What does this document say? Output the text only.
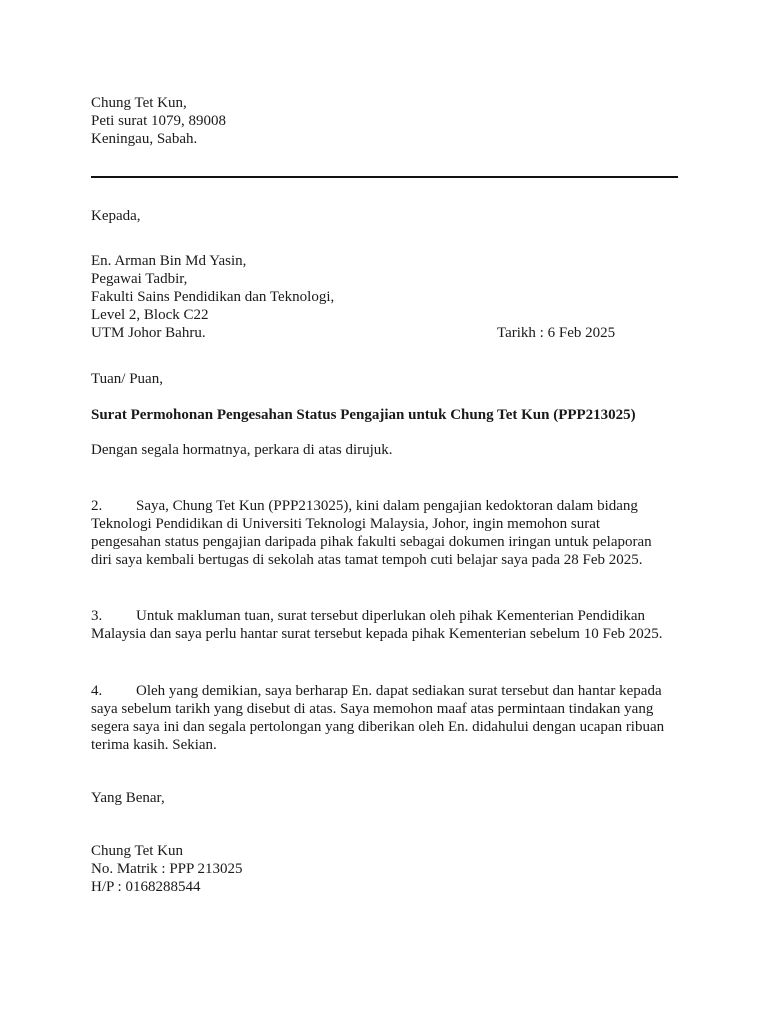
Chung Tet Kun,
Peti surat 1079, 89008
Keningau, Sabah.
Kepada,
En. Arman Bin Md Yasin,
Pegawai Tadbir,
Fakulti Sains Pendidikan dan Teknologi,
Level 2, Block C22
UTM Johor Bahru.	Tarikh : 6 Feb 2025
Tuan/ Puan,
Surat Permohonan Pengesahan Status Pengajian untuk Chung Tet Kun (PPP213025)
Dengan segala hormatnya, perkara di atas dirujuk.
2. Saya, Chung Tet Kun (PPP213025), kini dalam pengajian kedoktoran dalam bidang
Teknologi Pendidikan di Universiti Teknologi Malaysia, Johor, ingin memohon surat
pengesahan status pengajian daripada pihak fakulti sebagai dokumen iringan untuk pelaporan
diri saya kembali bertugas di sekolah atas tamat tempoh cuti belajar saya pada 28 Feb 2025.
3. Untuk makluman tuan, surat tersebut diperlukan oleh pihak Kementerian Pendidikan
Malaysia dan saya perlu hantar surat tersebut kepada pihak Kementerian sebelum 10 Feb 2025.
4. Oleh yang demikian, saya berharap En. dapat sediakan surat tersebut dan hantar kepada
saya sebelum tarikh yang disebut di atas. Saya memohon maaf atas permintaan tindakan yang
segera saya ini dan segala pertolongan yang diberikan oleh En. didahului dengan ucapan ribuan
terima kasih. Sekian.
Yang Benar,
Chung Tet Kun
No. Matrik : PPP 213025
H/P : 0168288544
